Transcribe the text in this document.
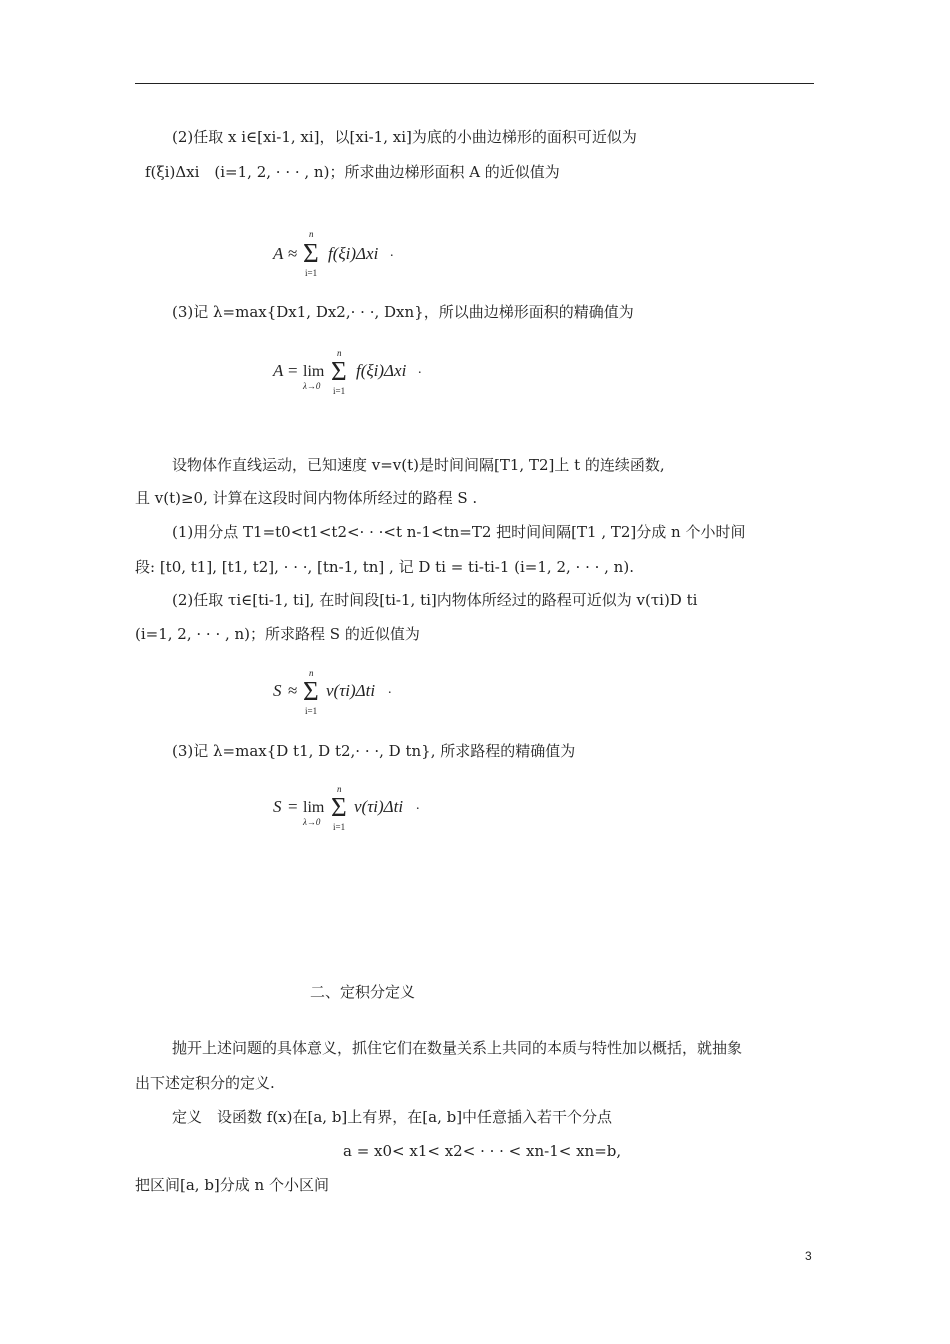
(2)任取 x i∈[xi-1, xi]，以[xi-1, xi]为底的小曲边梯形的面积可近似为
f(ξi)Δxi　(i=1, 2, · · · , n)；所求曲边梯形面积 A 的近似值为
A ≈
n
Σ
i=1
f(ξi)Δxi .
(3)记 λ=max{Dx1, Dx2,· · ·, Dxn}，所以曲边梯形面积的精确值为
A = lim
λ→0
n
Σ
i=1
f(ξi)Δxi .
设物体作直线运动，已知速度 v=v(t)是时间间隔[T1, T2]上 t 的连续函数,
且 v(t)≥0, 计算在这段时间内物体所经过的路程 S .
(1)用分点 T1=t0<t1<t2<· · ·<t n-1<tn=T2 把时间间隔[T1 , T2]分成 n 个小时间
段: [t0, t1], [t1, t2], · · ·, [tn-1, tn] , 记 D ti = ti-ti-1 (i=1, 2, · · · , n).
(2)任取 τi∈[ti-1, ti], 在时间段[ti-1, ti]内物体所经过的路程可近似为 v(τi)D ti
(i=1, 2, · · · , n)；所求路程 S 的近似值为
S ≈
n
Σ
i=1
v(τi)Δti .
(3)记 λ=max{D t1, D t2,· · ·, D tn}, 所求路程的精确值为
S = lim
λ→0
n
Σ
i=1
v(τi)Δti .
二、定积分定义
抛开上述问题的具体意义，抓住它们在数量关系上共同的本质与特性加以概括，就抽象
出下述定积分的定义.
定义　设函数 f(x)在[a, b]上有界，在[a, b]中任意插入若干个分点
a = x0< x1< x2< · · · < xn-1< xn=b,
把区间[a, b]分成 n 个小区间
3
